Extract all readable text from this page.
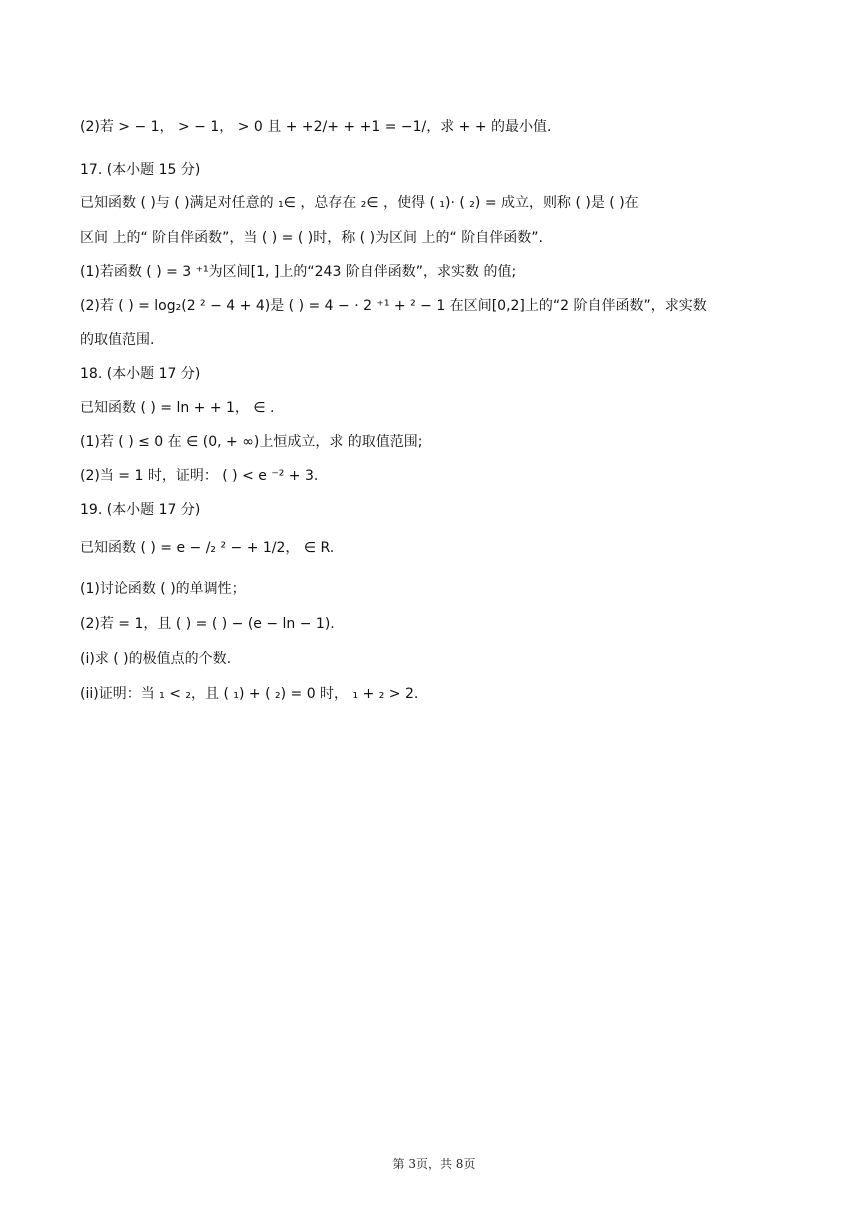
(2)若 > − 1， > − 1， > 0 且 + +2/+ + +1 = −1/，求 + + 的最小值.
17. (本小题 15 分)
已知函数 ( )与 ( )满足对任意的 ₁∈ ，总存在 ₂∈ ，使得 ( ₁)· ( ₂) = 成立，则称 ( )是 ( )在
区间 上的“ 阶自伴函数”，当 ( ) = ( )时，称 ( )为区间 上的“ 阶自伴函数”.
(1)若函数 ( ) = 3 ⁺¹为区间[1, ]上的“243 阶自伴函数”，求实数 的值;
(2)若 ( ) = log₂(2 ² − 4 + 4)是 ( ) = 4 − · 2 ⁺¹ + ² − 1 在区间[0,2]上的“2 阶自伴函数”，求实数
的取值范围.
18. (本小题 17 分)
已知函数 ( ) = ln + + 1， ∈ .
(1)若 ( ) ≤ 0 在 ∈ (0, + ∞)上恒成立，求 的取值范围;
(2)当 = 1 时，证明： ( ) < e ⁻² + 3.
19. (本小题 17 分)
已知函数 ( ) = e − /₂ ² − + 1/2， ∈ R.
(1)讨论函数 ( )的单调性；
(2)若 = 1，且 ( ) = ( ) − (e − ln − 1).
(i)求 ( )的极值点的个数.
(ii)证明：当 ₁ < ₂，且 ( ₁) + ( ₂) = 0 时， ₁ + ₂ > 2.
第 3页，共 8页
